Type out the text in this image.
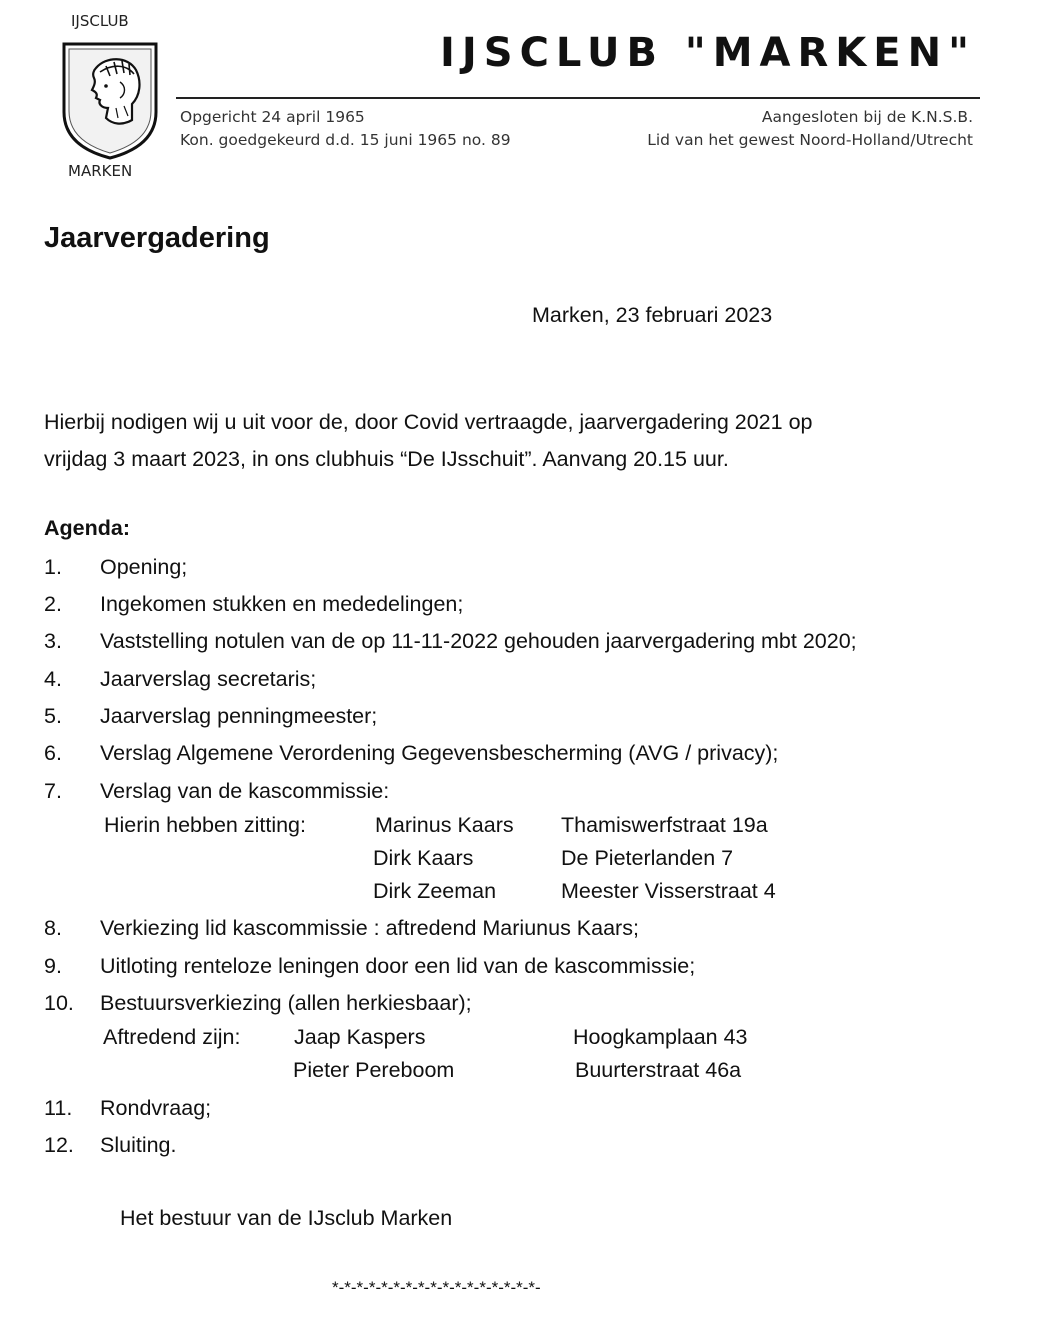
IJSCLUB
MARKEN
IJSCLUB "MARKEN"
Opgericht 24 april 1965
Kon. goedgekeurd d.d. 15 juni 1965 no. 89
Aangesloten bij de K.N.S.B.
Lid van het gewest Noord-Holland/Utrecht
Jaarvergadering
Marken, 23 februari 2023
Hierbij nodigen wij u uit voor de, door Covid vertraagde, jaarvergadering 2021 op
vrijdag 3 maart 2023, in ons clubhuis “De IJsschuit”. Aanvang 20.15 uur.
Agenda:
1. Opening;
2. Ingekomen stukken en mededelingen;
3. Vaststelling notulen van de op 11-11-2022 gehouden jaarvergadering mbt 2020;
4. Jaarverslag secretaris;
5. Jaarverslag penningmeester;
6. Verslag Algemene Verordening Gegevensbescherming (AVG / privacy);
7. Verslag van de kascommissie:
Hierin hebben zitting:	Marinus Kaars Thamiswerfstraat 19a
Dirk Kaars	De Pieterlanden 7
Dirk Zeeman	Meester Visserstraat 4
8. Verkiezing lid kascommissie : aftredend Mariunus Kaars;
9. Uitloting renteloze leningen door een lid van de kascommissie;
10. Bestuursverkiezing (allen herkiesbaar);
Aftredend zijn: Jaap Kaspers	Hoogkamplaan 43
Pieter Pereboom	Buurterstraat 46a
11. Rondvraag;
12. Sluiting.
Het bestuur van de IJsclub Marken
*-*-*-*-*-*-*-*-*-*-*-*-*-*-*-*-*-
